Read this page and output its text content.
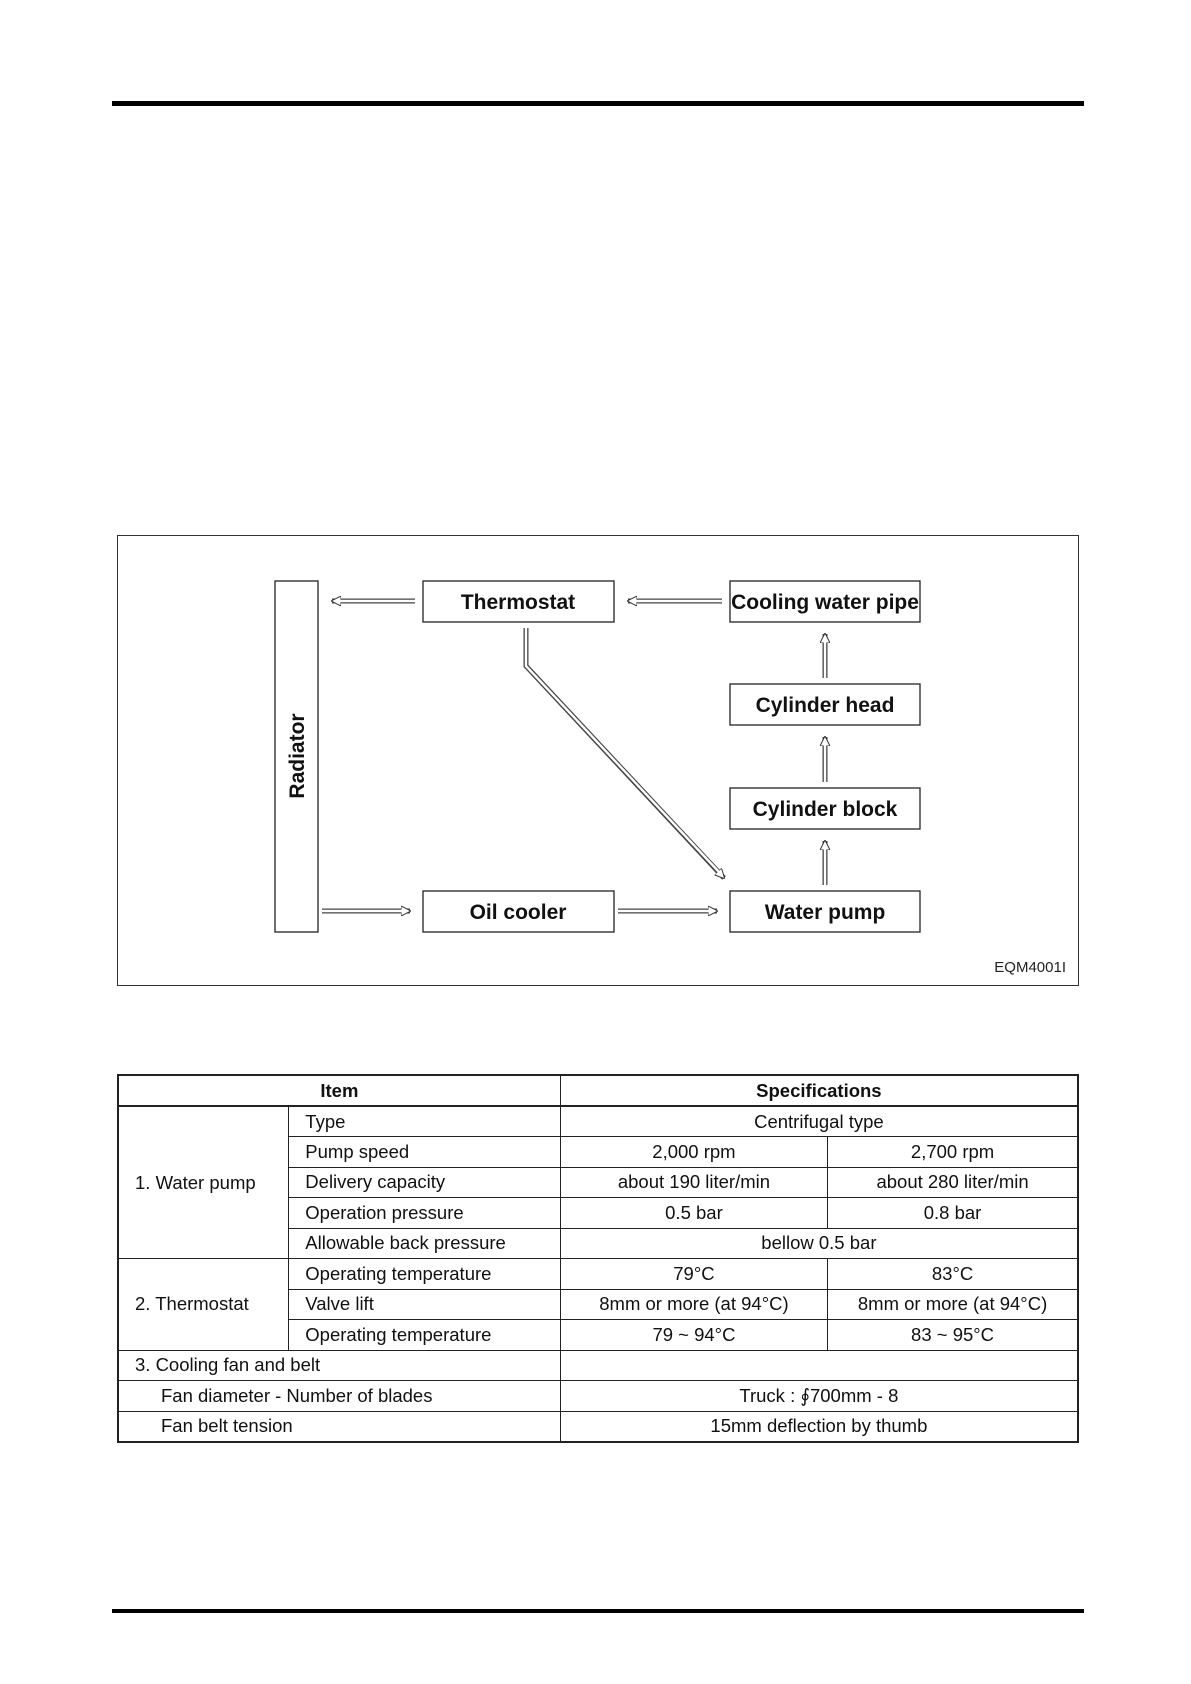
Radiator
Thermostat	Cooling water pipe
Cylinder head
Cylinder block
Oil cooler	Water pump
EQM4001I
Item		Specifications	
1. Water pump	Type	Centrifugal type	
	Pump speed	2,000 rpm	2,700 rpm
	Delivery capacity	about 190 liter/min	about 280 liter/min
	Operation pressure	0.5 bar	0.8 bar
	Allowable back pressure	bellow 0.5 bar	
2. Thermostat	Operating temperature	79°C	83°C
	Valve lift	8mm or more (at 94°C)	8mm or more (at 94°C)
	Operating temperature	79 ~ 94°C	83 ~ 95°C
3. Cooling fan and belt			
Fan diameter - Number of blades		Truck : ∮700mm - 8	
Fan belt tension		15mm deflection by thumb	
